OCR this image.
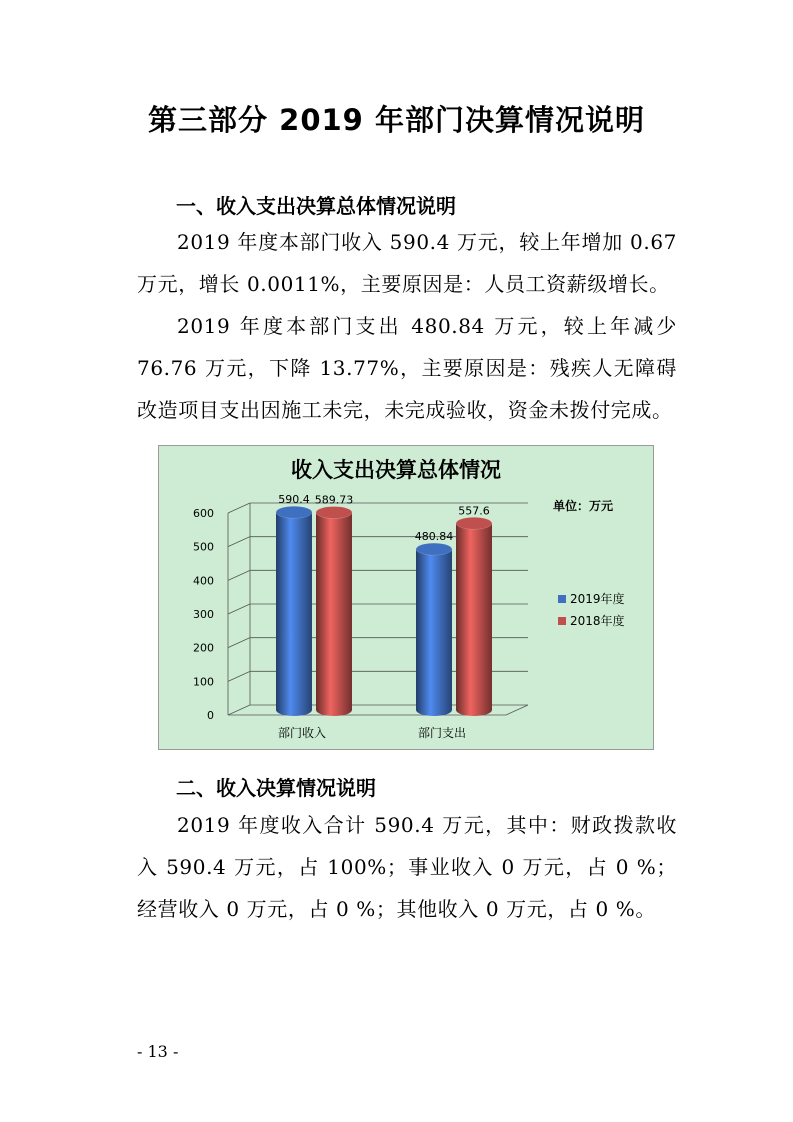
第三部分 2019 年部门决算情况说明
一、收入支出决算总体情况说明

2019 年度本部门收入 590.4 万元，较上年增加 0.67 万元，增长 0.0011%，主要原因是：人员工资薪级增长。

2019 年度本部门支出 480.84 万元，较上年减少 76.76 万元，下降 13.77%，主要原因是：残疾人无障碍改造项目支出因施工未完，未完成验收，资金未拨付完成。

收入支出决算总体情况
单位：万元
0
100
200
300
400
500
600
590.4 589.73
480.84
557.6
部门收入	部门支出
2019年度
2018年度
二、收入决算情况说明

2019 年度收入合计 590.4 万元，其中：财政拨款收入 590.4 万元，占 100%；事业收入 0 万元，占 0 %；经营收入 0 万元，占 0 %；其他收入 0 万元，占 0 %。

- 13 -
